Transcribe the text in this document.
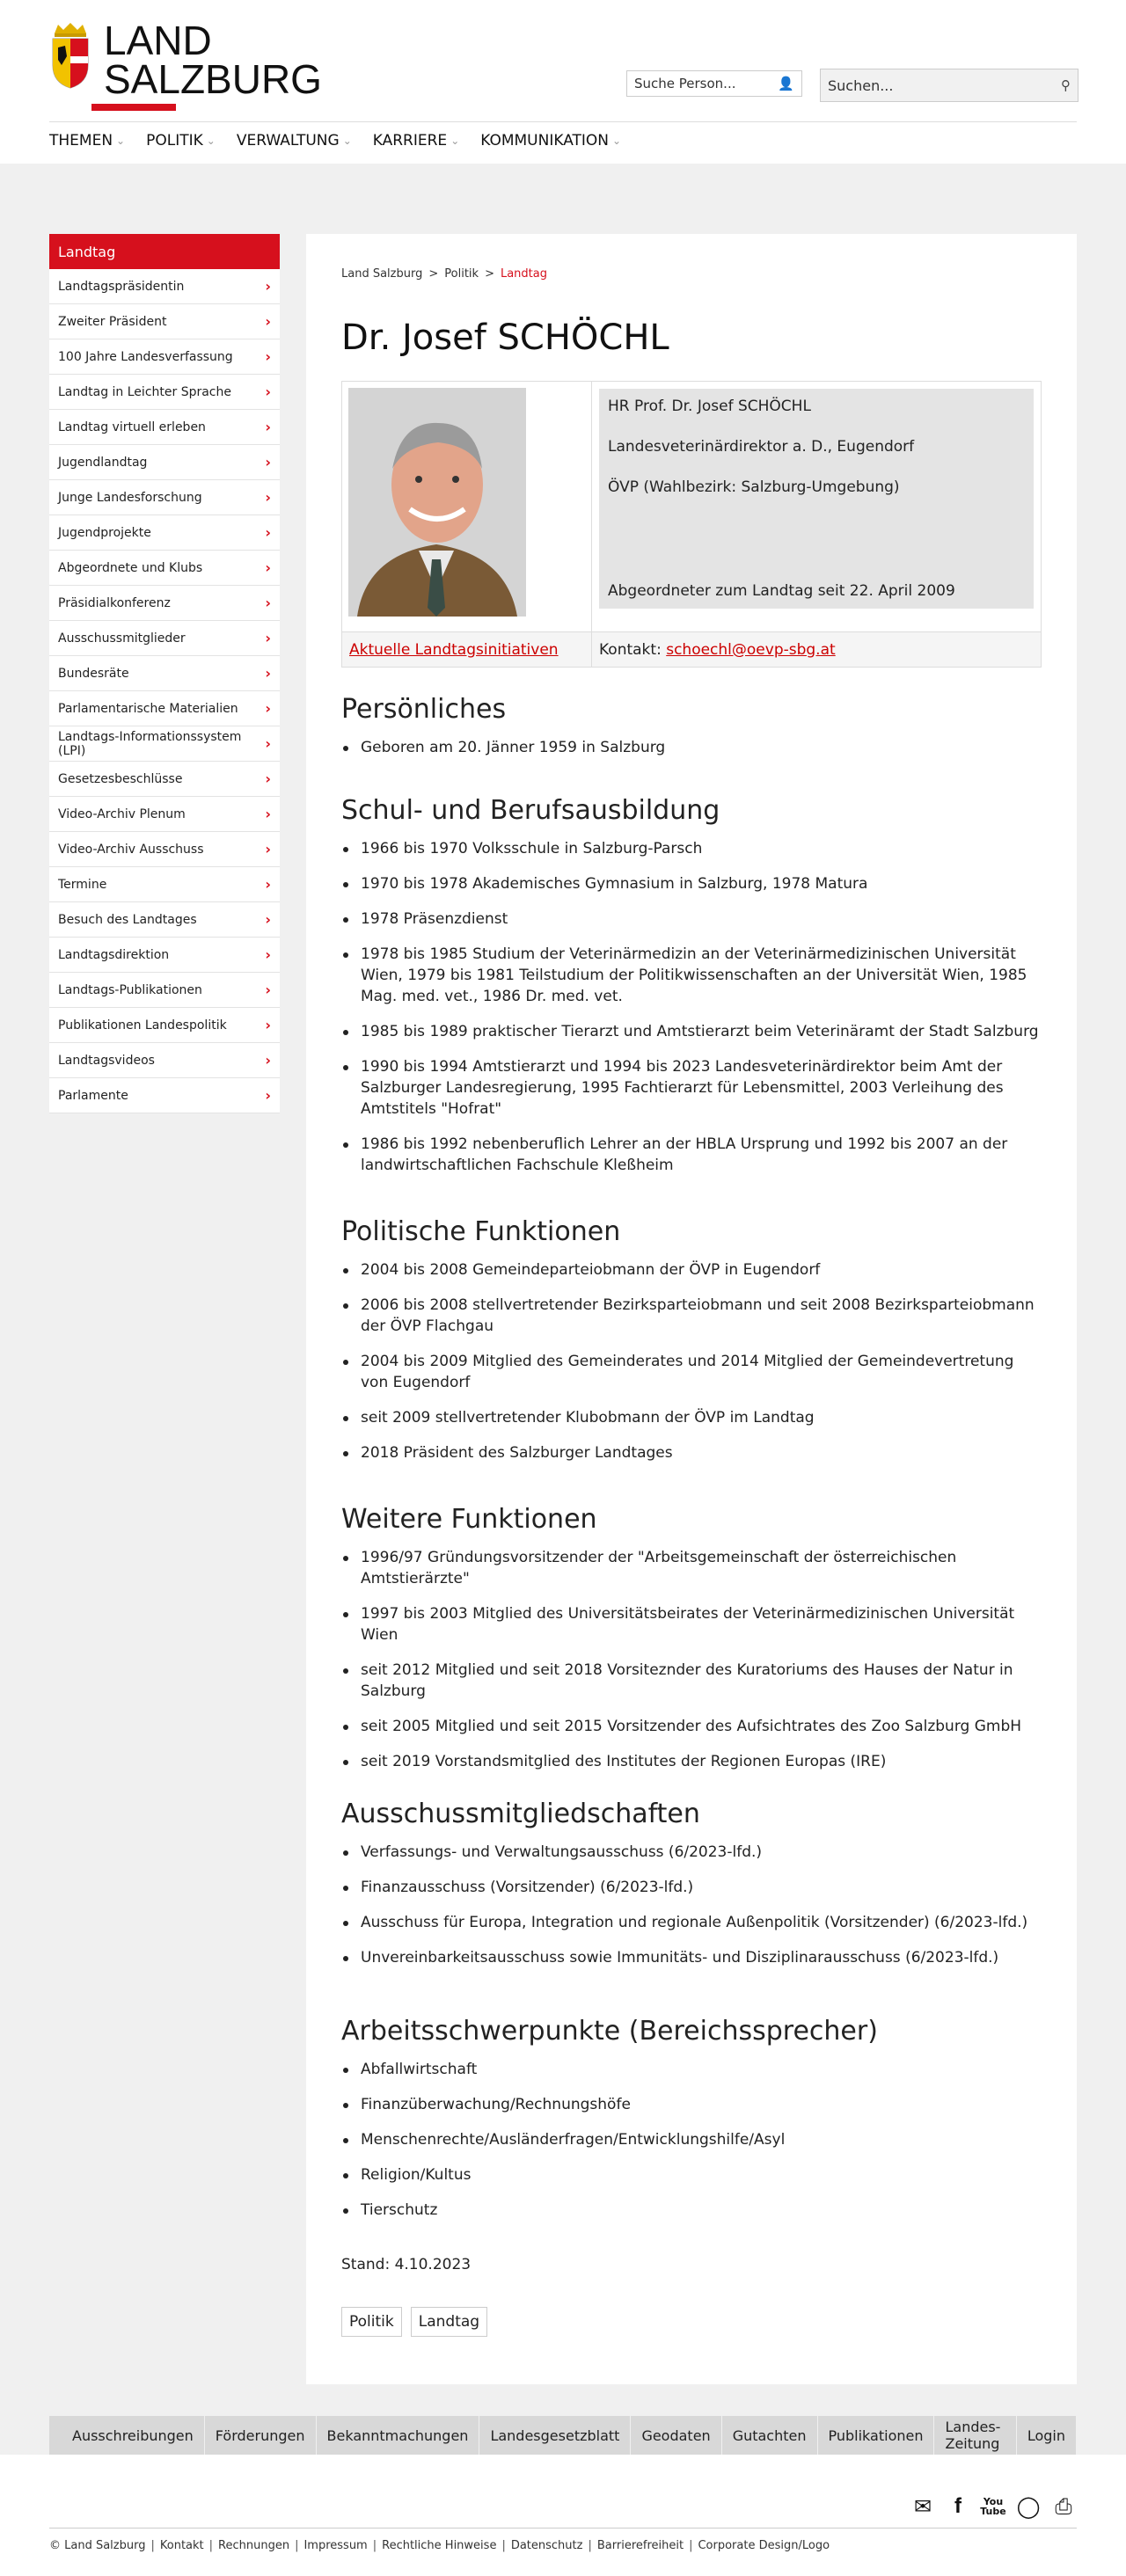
LAND
SALZBURG	Suche Person...	👤 Suchen...	⚲
THEMEN ⌄ POLITIK ⌄ VERWALTUNG ⌄ KARRIERE ⌄ KOMMUNIKATION ⌄
Landtag
Landtagspräsidentin	›
Zweiter Präsident	›
100 Jahre Landesverfassung ›
Landtag in Leichter Sprache ›
Landtag virtuell erleben	›
Jugendlandtag	›
Junge Landesforschung	›
Jugendprojekte	›
Abgeordnete und Klubs	›
Präsidialkonferenz	›
Ausschussmitglieder	›
Bundesräte	›
Parlamentarische Materialien ›
Landtags-Informationssystem (LPI)	›
Gesetzesbeschlüsse	›
Video-Archiv Plenum	›
Video-Archiv Ausschuss	›
Termine	›
Besuch des Landtages	›
Landtagsdirektion	›
Landtags-Publikationen	›
Publikationen Landespolitik	›
Landtagsvideos	›
Parlamente	›
Land Salzburg > Politik > Landtag
Dr. Josef SCHÖCHL

HR Prof. Dr. Josef SCHÖCHL

Landesveterinärdirektor a. D., Eugendorf

ÖVP (Wahlbezirk: Salzburg-Umgebung)

Abgeordneter zum Landtag seit 22. April 2009

Aktuelle Landtagsinitiativen	Kontakt: schoechl@oevp-sbg.at
Persönliches
Geboren am 20. Jänner 1959 in Salzburg
Schul- und Berufsausbildung
1966 bis 1970 Volksschule in Salzburg-Parsch
1970 bis 1978 Akademisches Gymnasium in Salzburg, 1978 Matura
1978 Präsenzdienst
1978 bis 1985 Studium der Veterinärmedizin an der Veterinärmedizinischen Universität Wien, 1979 bis 1981 Teilstudium der Politikwissenschaften an der Universität Wien, 1985 Mag. med. vet., 1986 Dr. med. vet.
1985 bis 1989 praktischer Tierarzt und Amtstierarzt beim Veterinäramt der Stadt Salzburg
1990 bis 1994 Amtstierarzt und 1994 bis 2023 Landesveterinärdirektor beim Amt der Salzburger Landesregierung, 1995 Fachtierarzt für Lebensmittel, 2003 Verleihung des Amtstitels "Hofrat"
1986 bis 1992 nebenberuflich Lehrer an der HBLA Ursprung und 1992 bis 2007 an der landwirtschaftlichen Fachschule Kleßheim
Politische Funktionen
2004 bis 2008 Gemeindeparteiobmann der ÖVP in Eugendorf
2006 bis 2008 stellvertretender Bezirksparteiobmann und seit 2008 Bezirksparteiobmann der ÖVP Flachgau
2004 bis 2009 Mitglied des Gemeinderates und 2014 Mitglied der Gemeindevertretung von Eugendorf
seit 2009 stellvertretender Klubobmann der ÖVP im Landtag
2018 Präsident des Salzburger Landtages
Weitere Funktionen
1996/97 Gründungsvorsitzender der "Arbeitsgemeinschaft der österreichischen Amtstierärzte"
1997 bis 2003 Mitglied des Universitätsbeirates der Veterinärmedizinischen Universität Wien
seit 2012 Mitglied und seit 2018 Vorsiteznder des Kuratoriums des Hauses der Natur in Salzburg
seit 2005 Mitglied und seit 2015 Vorsitzender des Aufsichtrates des Zoo Salzburg GmbH
seit 2019 Vorstandsmitglied des Institutes der Regionen Europas (IRE)
Ausschussmitgliedschaften
Verfassungs- und Verwaltungsausschuss (6/2023-lfd.)
Finanzausschuss (Vorsitzender) (6/2023-lfd.)
Ausschuss für Europa, Integration und regionale Außenpolitik (Vorsitzender) (6/2023-lfd.)
Unvereinbarkeitsausschuss sowie Immunitäts- und Disziplinarausschuss (6/2023-lfd.)
Arbeitsschwerpunkte (Bereichssprecher)
Abfallwirtschaft
Finanzüberwachung/Rechnungshöfe
Menschenrechte/Ausländerfragen/Entwicklungshilfe/Asyl
Religion/Kultus
Tierschutz
Stand: 4.10.2023
Politik	Landtag
Ausschreibungen	Förderungen	Bekanntmachungen	Landesgesetzblatt	Geodaten	Gutachten	Publikationen	Landes-Zeitung	Login
✉	f	You Tube ◯ ⎙
© Land Salzburg | Kontakt | Rechnungen | Impressum | Rechtliche Hinweise | Datenschutz | Barrierefreiheit | Corporate Design/Logo
